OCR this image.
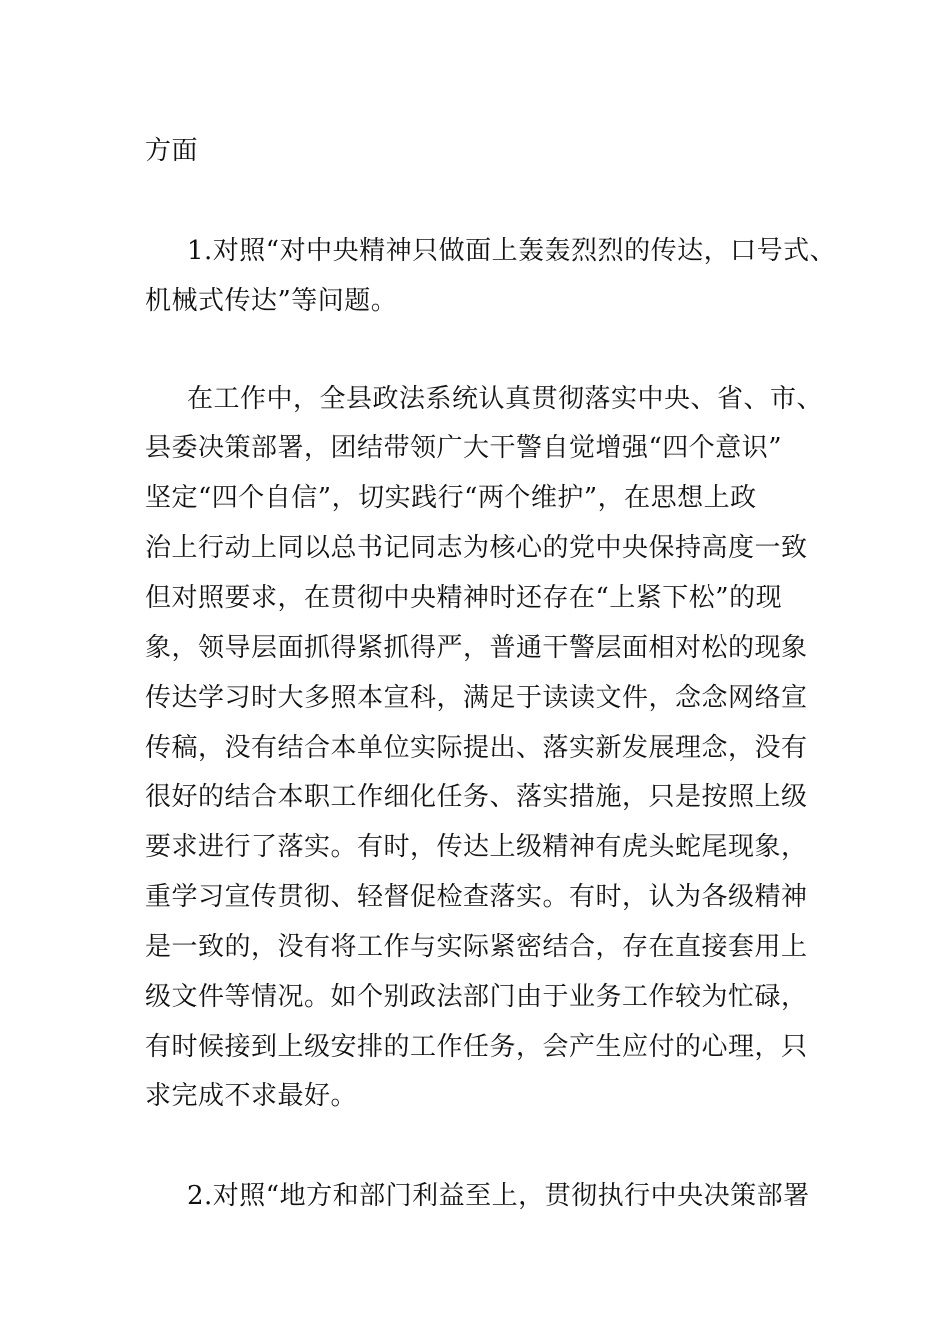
方面
1.对照“对中央精神只做面上轰轰烈烈的传达，口号式、
机械式传达”等问题。
在工作中，全县政法系统认真贯彻落实中央、省、市、
县委决策部署，团结带领广大干警自觉增强“四个意识”
坚定“四个自信”，切实践行“两个维护”，在思想上政
治上行动上同以总书记同志为核心的党中央保持高度一致
但对照要求，在贯彻中央精神时还存在“上紧下松”的现
象，领导层面抓得紧抓得严，普通干警层面相对松的现象
传达学习时大多照本宣科，满足于读读文件，念念网络宣
传稿，没有结合本单位实际提出、落实新发展理念，没有
很好的结合本职工作细化任务、落实措施，只是按照上级
要求进行了落实。有时，传达上级精神有虎头蛇尾现象，
重学习宣传贯彻、轻督促检查落实。有时，认为各级精神
是一致的，没有将工作与实际紧密结合，存在直接套用上
级文件等情况。如个别政法部门由于业务工作较为忙碌，
有时候接到上级安排的工作任务，会产生应付的心理，只
求完成不求最好。
2.对照“地方和部门利益至上，贯彻执行中央决策部署
